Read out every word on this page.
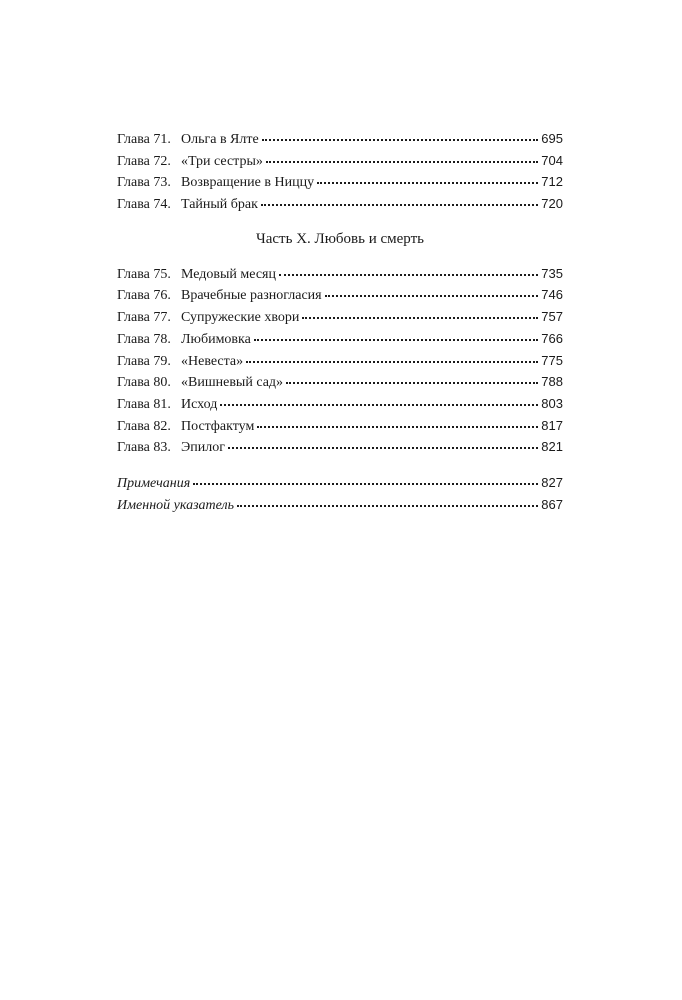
Глава 71. Ольга в Ялте	695
Глава 72. «Три сестры»	704
Глава 73. Возвращение в Ниццу	712
Глава 74. Тайный брак	720
Часть X. Любовь и смерть
Глава 75. Медовый месяц	735
Глава 76. Врачебные разногласия	746
Глава 77. Супружеские хвори	757
Глава 78. Любимовка	766
Глава 79. «Невеста»	775
Глава 80. «Вишневый сад»	788
Глава 81. Исход	803
Глава 82. Постфактум	817
Глава 83. Эпилог	821
Примечания	827
Именной указатель	867
